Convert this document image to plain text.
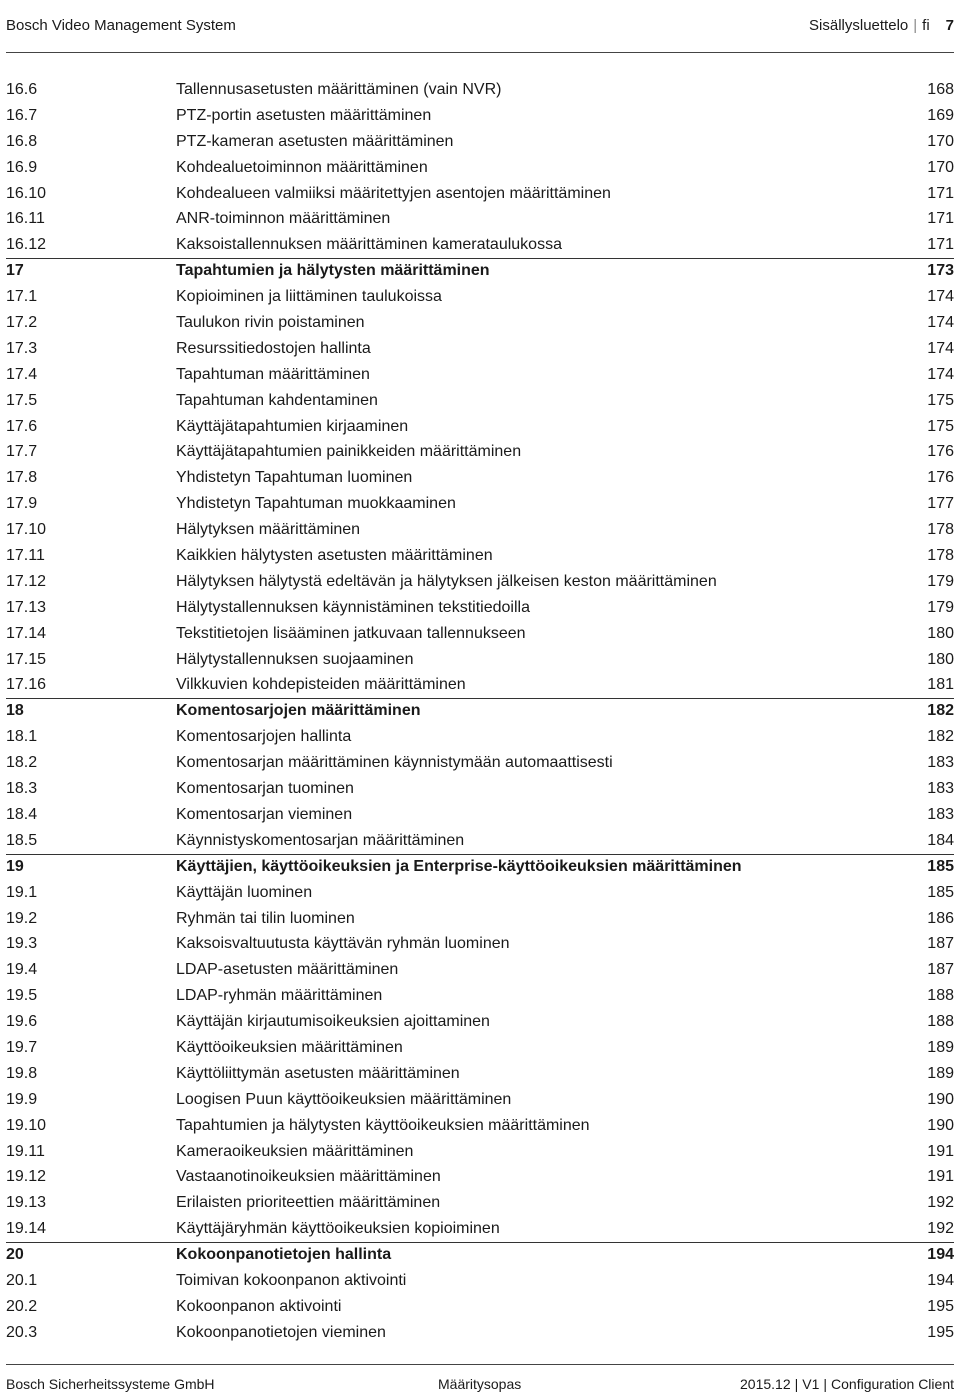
Bosch Video Management System	Sisällysluettelo | fi 7
16.6	Tallennusasetusten määrittäminen (vain NVR)	168
16.7	PTZ-portin asetusten määrittäminen	169
16.8	PTZ-kameran asetusten määrittäminen	170
16.9	Kohdealuetoiminnon määrittäminen	170
16.10	Kohdealueen valmiiksi määritettyjen asentojen määrittäminen	171
16.11	ANR-toiminnon määrittäminen	171
16.12	Kaksoistallennuksen määrittäminen kamerataulukossa	171
17	Tapahtumien ja hälytysten määrittäminen	173
17.1	Kopioiminen ja liittäminen taulukoissa	174
17.2	Taulukon rivin poistaminen	174
17.3	Resurssitiedostojen hallinta	174
17.4	Tapahtuman määrittäminen	174
17.5	Tapahtuman kahdentaminen	175
17.6	Käyttäjätapahtumien kirjaaminen	175
17.7	Käyttäjätapahtumien painikkeiden määrittäminen	176
17.8	Yhdistetyn Tapahtuman luominen	176
17.9	Yhdistetyn Tapahtuman muokkaaminen	177
17.10	Hälytyksen määrittäminen	178
17.11	Kaikkien hälytysten asetusten määrittäminen	178
17.12	Hälytyksen hälytystä edeltävän ja hälytyksen jälkeisen keston määrittäminen	179
17.13	Hälytystallennuksen käynnistäminen tekstitiedoilla	179
17.14	Tekstitietojen lisääminen jatkuvaan tallennukseen	180
17.15	Hälytystallennuksen suojaaminen	180
17.16	Vilkkuvien kohdepisteiden määrittäminen	181
18	Komentosarjojen määrittäminen	182
18.1	Komentosarjojen hallinta	182
18.2	Komentosarjan määrittäminen käynnistymään automaattisesti	183
18.3	Komentosarjan tuominen	183
18.4	Komentosarjan vieminen	183
18.5	Käynnistyskomentosarjan määrittäminen	184
19	Käyttäjien, käyttöoikeuksien ja Enterprise-käyttöoikeuksien määrittäminen	185
19.1	Käyttäjän luominen	185
19.2	Ryhmän tai tilin luominen	186
19.3	Kaksoisvaltuutusta käyttävän ryhmän luominen	187
19.4	LDAP-asetusten määrittäminen	187
19.5	LDAP-ryhmän määrittäminen	188
19.6	Käyttäjän kirjautumisoikeuksien ajoittaminen	188
19.7	Käyttöoikeuksien määrittäminen	189
19.8	Käyttöliittymän asetusten määrittäminen	189
19.9	Loogisen Puun käyttöoikeuksien määrittäminen	190
19.10	Tapahtumien ja hälytysten käyttöoikeuksien määrittäminen	190
19.11	Kameraoikeuksien määrittäminen	191
19.12	Vastaanotinoikeuksien määrittäminen	191
19.13	Erilaisten prioriteettien määrittäminen	192
19.14	Käyttäjäryhmän käyttöoikeuksien kopioiminen	192
20	Kokoonpanotietojen hallinta	194
20.1	Toimivan kokoonpanon aktivointi	194
20.2	Kokoonpanon aktivointi	195
20.3	Kokoonpanotietojen vieminen	195
Bosch Sicherheitssysteme GmbH	Määritysopas	2015.12 | V1 | Configuration Client
